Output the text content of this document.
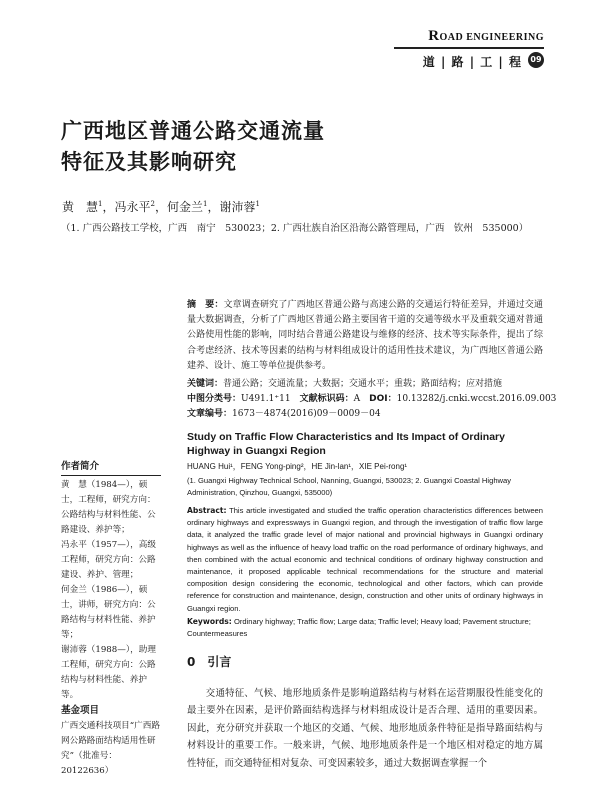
ROAD ENGINEERING
道 | 路 | 工 | 程	09
广西地区普通公路交通流量
特征及其影响研究
黄　慧$^1$，冯永平$^2$，何金兰$^1$，谢沛蓉$^1$
（1. 广西公路技工学校，广西　南宁　530023；2. 广西壮族自治区沿海公路管理局，广西　钦州　535000）
摘　要：文章调查研究了广西地区普通公路与高速公路的交通运行特征差异，并通过交通量大数据调查，分析了广西地区普通公路主要国省干道的交通等级水平及重载交通对普通公路使用性能的影响，同时结合普通公路建设与维修的经济、技术等实际条件，提出了综合考虑经济、技术等因素的结构与材料组成设计的适用性技术建议，为广西地区普通公路建养、设计、施工等单位提供参考。
关键词：普通公路；交通流量；大数据；交通水平；重载；路面结构；应对措施
中图分类号：U491.1⁺11　 文献标识码：A　 DOI：10.13282/j.cnki.wccst.2016.09.003
文章编号：1673－4874(2016)09－0009－04
Study on Traffic Flow Characteristics and Its Impact of Ordinary Highway in Guangxi Region
HUANG Hui¹，FENG Yong-ping²，HE Jin-lan¹，XIE Pei-rong¹
(1. Guangxi Highway Technical School, Nanning, Guangxi, 530023; 2. Guangxi Coastal Highway Administration, Qinzhou, Guangxi, 535000)
Abstract: This article investigated and studied the traffic operation characteristics differences between ordinary highways and expressways in Guangxi region, and through the investigation of traffic flow large data, it analyzed the traffic grade level of major national and provincial highways in Guangxi ordinary highways as well as the influence of heavy load traffic on the road performance of ordinary highways, and then combined with the actual economic and technical conditions of ordinary highway construction and maintenance, it proposed applicable technical recommendations for the structure and material composition design considering the economic, technological and other factors, which can provide reference for construction and maintenance, design, construction and other units of ordinary highways in Guangxi region.
Keywords: Ordinary highway; Traffic flow; Large data; Traffic level; Heavy load; Pavement structure; Countermeasures
作者简介

黄　慧（1984—），硕士，工程师，研究方向：公路结构与材料性能、公路建设、养护等；

冯永平（1957—），高级工程师，研究方向：公路建设、养护、管理；

何金兰（1986—），硕士，讲师，研究方向：公路结构与材料性能、养护等；

谢沛蓉（1988—），助理工程师，研究方向：公路结构与材料性能、养护等。

基金项目

广西交通科技项目“广西路网公路路面结构适用性研究”（批准号：20122636）

0　 引言
交通特征、气候、地形地质条件是影响道路结构与材料在运营期服役性能变化的最主要外在因素，是评价路面结构选择与材料组成设计是否合理、适用的重要因素。因此，充分研究并获取一个地区的交通、气候、地形地质条件特征是指导路面结构与材料设计的重要工作。一般来讲，气候、地形地质条件是一个地区相对稳定的地方属性特征，而交通特征相对复杂、可变因素较多，通过大数据调查掌握一个
